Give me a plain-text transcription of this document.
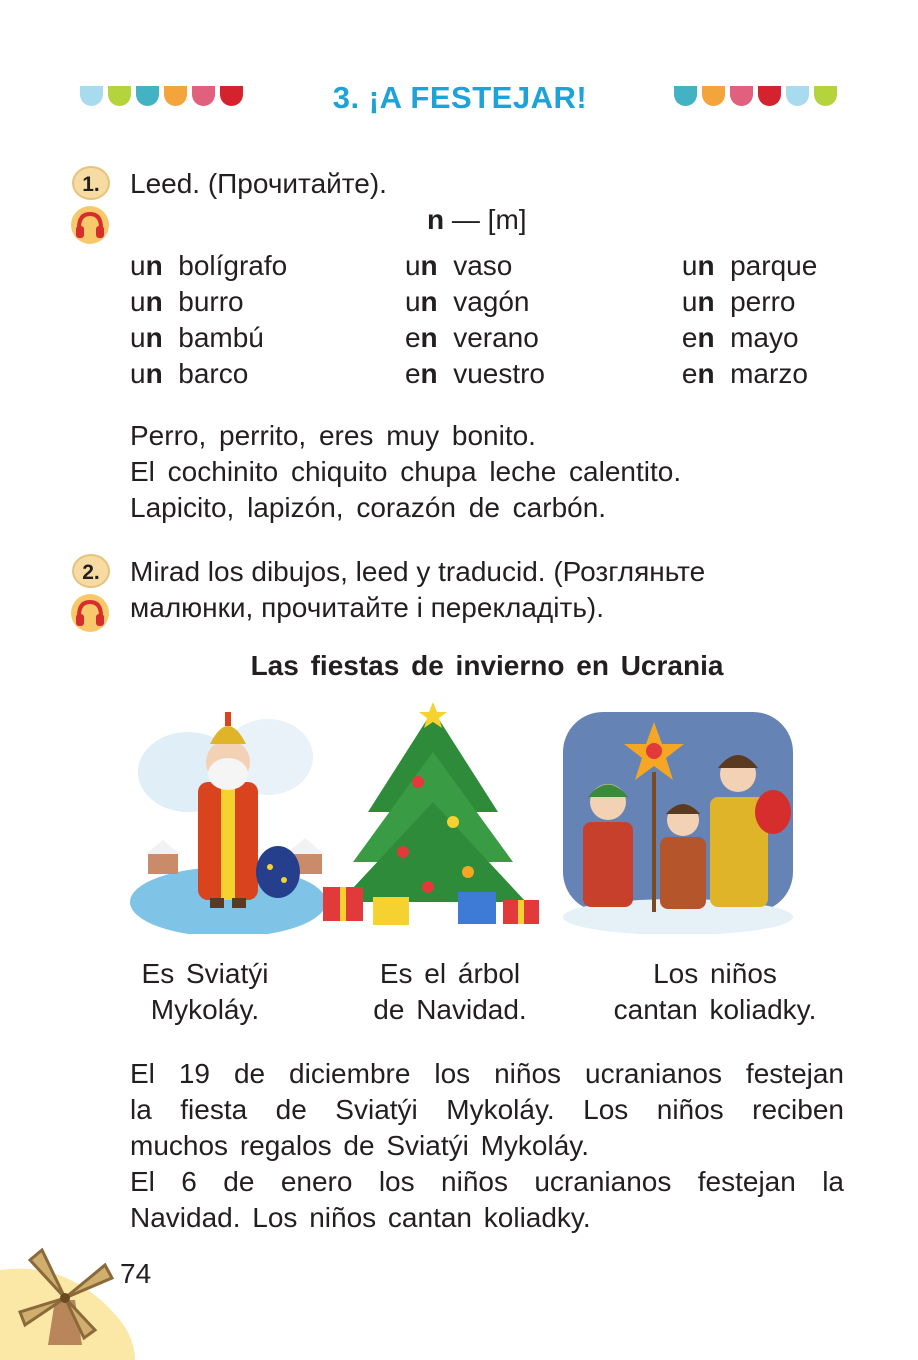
3. ¡A FESTEJAR!
1.	Leed. (Прочитайте).
n — [m]
un bolígrafo	un vaso	un parque
un burro	un vagón	un perro
un bambú	en verano	en mayo
un barco	en vuestro	en marzo
Perro, perrito, eres muy bonito.
El cochinito chiquito chupa leche calentito.
Lapicito, lapizón, corazón de carbón.
2.	Mirad los dibujos, leed y traducid. (Розгляньте
малюнки, прочитайте і перекладіть).
Las fiestas de invierno en Ucrania
Es Sviatýi
Mykoláy.
Es el árbol
de Navidad.
Los niños
cantan koliadky.
El 19 de diciembre los niños ucranianos festejan
la fiesta de Sviatýi Mykoláy. Los niños reciben
muchos regalos de Sviatýi Mykoláy.
El 6 de enero los niños ucranianos festejan la
Navidad. Los niños cantan koliadky.
74
